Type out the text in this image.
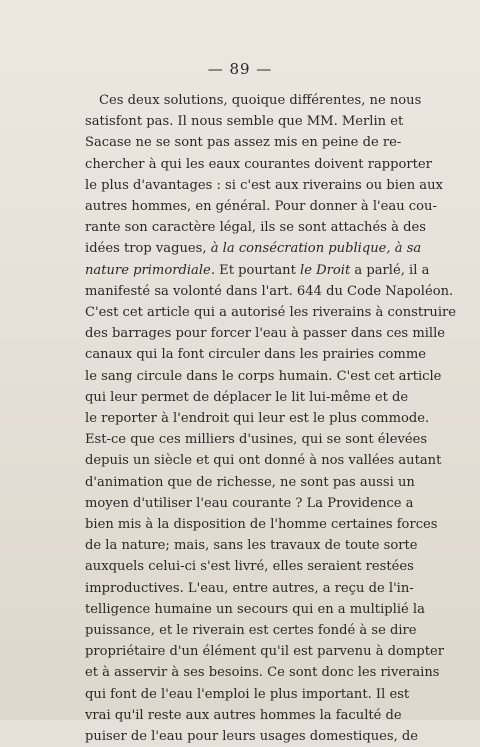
— 89 —
Ces deux solutions, quoique différentes, ne nous
satisfont pas. Il nous semble que MM. Merlin et
Sacase ne se sont pas assez mis en peine de re-
chercher à qui les eaux courantes doivent rapporter
le plus d'avantages : si c'est aux riverains ou bien aux
autres hommes, en général. Pour donner à l'eau cou-
rante son caractère légal, ils se sont attachés à des
idées trop vagues, à la consécration publique, à sa
nature primordiale. Et pourtant le Droit a parlé, il a
manifesté sa volonté dans l'art. 644 du Code Napoléon.
C'est cet article qui a autorisé les riverains à construire
des barrages pour forcer l'eau à passer dans ces mille
canaux qui la font circuler dans les prairies comme
le sang circule dans le corps humain. C'est cet article
qui leur permet de déplacer le lit lui-même et de
le reporter à l'endroit qui leur est le plus commode.
Est-ce que ces milliers d'usines, qui se sont élevées
depuis un siècle et qui ont donné à nos vallées autant
d'animation que de richesse, ne sont pas aussi un
moyen d'utiliser l'eau courante ? La Providence a
bien mis à la disposition de l'homme certaines forces
de la nature; mais, sans les travaux de toute sorte
auxquels celui-ci s'est livré, elles seraient restées
improductives. L'eau, entre autres, a reçu de l'in-
telligence humaine un secours qui en a multiplié la
puissance, et le riverain est certes fondé à se dire
propriétaire d'un élément qu'il est parvenu à dompter
et à asservir à ses besoins. Ce sont donc les riverains
qui font de l'eau l'emploi le plus important. Il est
vrai qu'il reste aux autres hommes la faculté de
puiser de l'eau pour leurs usages domestiques, de
